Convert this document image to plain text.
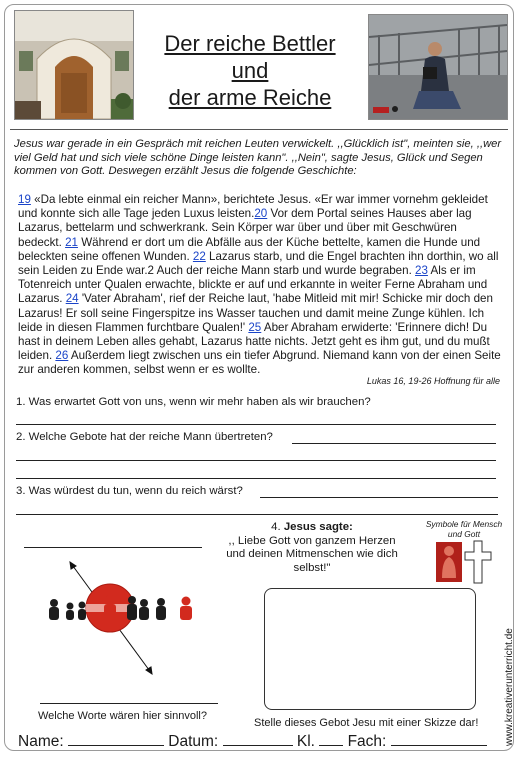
Der reiche Bettler
und
der arme Reiche
Jesus war gerade in ein Gespräch mit reichen Leuten verwickelt. ,,Glücklich ist", meinten sie, ,,wer viel Geld hat und sich viele schöne Dinge leisten kann". ,,Nein", sagte Jesus, Glück und Segen kommen von Gott. Deswegen erzählt Jesus die folgende Geschichte:
19 «Da lebte einmal ein reicher Mann», berichtete Jesus. «Er war immer vornehm gekleidet und konnte sich alle Tage jeden Luxus leisten.20 Vor dem Portal seines Hauses aber lag Lazarus, bettelarm und schwerkrank. Sein Körper war über und über mit Geschwüren bedeckt. 21 Während er dort um die Abfälle aus der Küche bettelte, kamen die Hunde und beleckten seine offenen Wunden. 22 Lazarus starb, und die Engel brachten ihn dorthin, wo all sein Leiden zu Ende war.2 Auch der reiche Mann starb und wurde begraben. 23 Als er im Totenreich unter Qualen erwachte, blickte er auf und erkannte in weiter Ferne Abraham und Lazarus. 24 'Vater Abraham', rief der Reiche laut, 'habe Mitleid mit mir! Schicke mir doch den Lazarus! Er soll seine Fingerspitze ins Wasser tauchen und damit meine Zunge kühlen. Ich leide in diesen Flammen furchtbare Qualen!' 25 Aber Abraham erwiderte: 'Erinnere dich! Du hast in deinem Leben alles gehabt, Lazarus hatte nichts. Jetzt geht es ihm gut, und du mußt leiden. 26 Außerdem liegt zwischen uns ein tiefer Abgrund. Niemand kann von der einen Seite zur anderen kommen, selbst wenn er es wollte.
Lukas 16, 19-26 Hoffnung für alle
1. Was erwartet Gott von uns, wenn wir mehr haben als wir brauchen?
2. Welche Gebote hat der reiche Mann übertreten?
3. Was würdest du tun, wenn du reich wärst?
Welche Worte wären hier sinnvoll?
4. Jesus sagte:
,, Liebe Gott von ganzem Herzen und deinen Mitmenschen wie dich selbst!"
Symbole für Mensch und Gott
Stelle dieses Gebot Jesu mit einer Skizze dar!
Name:	Datum:	Kl. Fach:	www.kreativerunterricht.de
